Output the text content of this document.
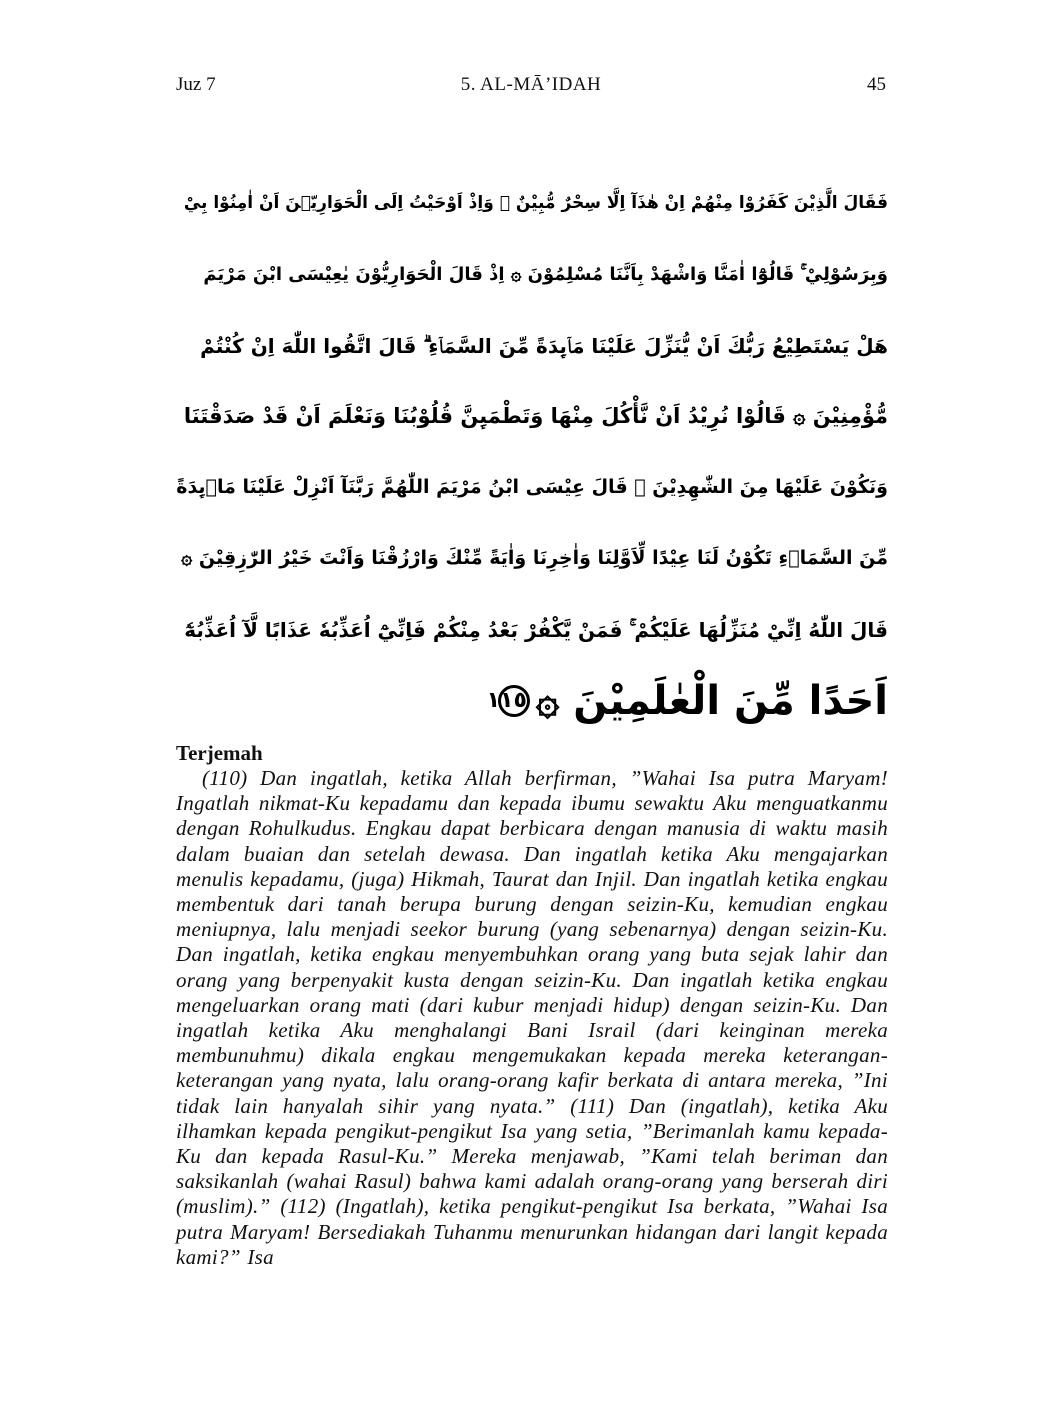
Juz 7	5. AL-MĀ’IDAH	45
فَقَالَ الَّذِيْنَ كَفَرُوْا مِنْهُمْ اِنْ هٰذَآ اِلَّا سِحْرٌ مُّبِيْنٌ ۞ وَاِذْ اَوْحَيْتُ اِلَى الْحَوَارِيّٖنَ اَنْ اٰمِنُوْا بِيْ
وَبِرَسُوْلِيْ ۚ قَالُوْٓا اٰمَنَّا وَاشْهَدْ بِاَنَّنَا مُسْلِمُوْنَ ۞ اِذْ قَالَ الْحَوَارِيُّوْنَ يٰعِيْسَى ابْنَ مَرْيَمَ
هَلْ يَسْتَطِيْعُ رَبُّكَ اَنْ يُّنَزِّلَ عَلَيْنَا مَاۤىِٕدَةً مِّنَ السَّمَاۤءِ ۗ قَالَ اتَّقُوا اللّٰهَ اِنْ كُنْتُمْ
مُّؤْمِنِيْنَ ۞ قَالُوْا نُرِيْدُ اَنْ نَّأْكُلَ مِنْهَا وَتَطْمَىِٕنَّ قُلُوْبُنَا وَنَعْلَمَ اَنْ قَدْ صَدَقْتَنَا
وَنَكُوْنَ عَلَيْهَا مِنَ الشّٰهِدِيْنَ ۞ قَالَ عِيْسَى ابْنُ مَرْيَمَ اللّٰهُمَّ رَبَّنَآ اَنْزِلْ عَلَيْنَا مَاۤىِٕدَةً
مِّنَ السَّمَاۤءِ تَكُوْنُ لَنَا عِيْدًا لِّاَوَّلِنَا وَاٰخِرِنَا وَاٰيَةً مِّنْكَ وَارْزُقْنَا وَاَنْتَ خَيْرُ الرّٰزِقِيْنَ ۞
قَالَ اللّٰهُ اِنِّيْ مُنَزِّلُهَا عَلَيْكُمْ ۚ فَمَنْ يَّكْفُرْ بَعْدُ مِنْكُمْ فَاِنِّيْٓ اُعَذِّبُهٗ عَذَابًا لَّآ اُعَذِّبُهٗٓ
اَحَدًا مِّنَ الْعٰلَمِيْنَ ۞
١١٥
Terjemah

(110) Dan ingatlah, ketika Allah berfirman, ”Wahai Isa putra Maryam! Ingatlah nikmat-Ku kepadamu dan kepada ibumu sewaktu Aku menguatkanmu dengan Rohulkudus. Engkau dapat berbicara dengan manusia di waktu masih dalam buaian dan setelah dewasa. Dan ingatlah ketika Aku mengajarkan menulis kepadamu, (juga) Hikmah, Taurat dan Injil. Dan ingatlah ketika engkau membentuk dari tanah berupa burung dengan seizin-Ku, kemudian engkau meniupnya, lalu menjadi seekor burung (yang sebenarnya) dengan seizin-Ku. Dan ingatlah, ketika engkau menyembuhkan orang yang buta sejak lahir dan orang yang berpenyakit kusta dengan seizin-Ku. Dan ingatlah ketika engkau mengeluarkan orang mati (dari kubur menjadi hidup) dengan seizin-Ku. Dan ingatlah ketika Aku menghalangi Bani Israil (dari keinginan mereka membunuhmu) dikala engkau mengemukakan kepada mereka keterangan-keterangan yang nyata, lalu orang-orang kafir berkata di antara mereka, ”Ini tidak lain hanyalah sihir yang nyata.” (111) Dan (ingatlah), ketika Aku ilhamkan kepada pengikut-pengikut Isa yang setia, ”Berimanlah kamu kepada-Ku dan kepada Rasul-Ku.” Mereka menjawab, ”Kami telah beriman dan saksikanlah (wahai Rasul) bahwa kami adalah orang-orang yang berserah diri (muslim).” (112) (Ingatlah), ketika pengikut-pengikut Isa berkata, ”Wahai Isa putra Maryam! Bersediakah Tuhanmu menurunkan hidangan dari langit kepada kami?” Isa
